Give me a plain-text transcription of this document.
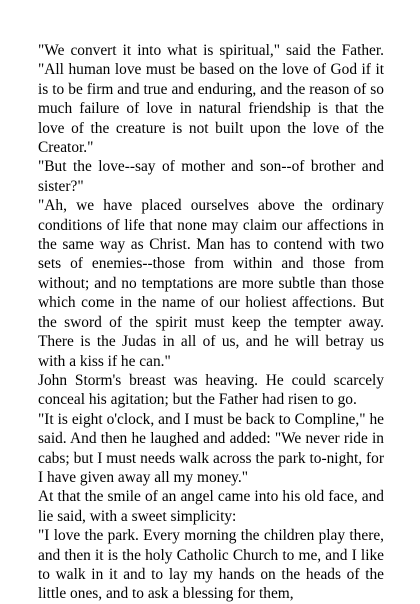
"We convert it into what is spiritual," said the Father. "All human love must be based on the love of God if it is to be firm and true and enduring, and the reason of so much failure of love in natural friendship is that the love of the creature is not built upon the love of the Creator."

"But the love--say of mother and son--of brother and sister?"

"Ah, we have placed ourselves above the ordinary conditions of life that none may claim our affections in the same way as Christ. Man has to contend with two sets of enemies--those from within and those from without; and no temptations are more subtle than those which come in the name of our holiest affections. But the sword of the spirit must keep the tempter away. There is the Judas in all of us, and he will betray us with a kiss if he can."

John Storm's breast was heaving. He could scarcely conceal his agitation; but the Father had risen to go.

"It is eight o'clock, and I must be back to Compline," he said. And then he laughed and added: "We never ride in cabs; but I must needs walk across the park to-night, for I have given away all my money."

At that the smile of an angel came into his old face, and lie said, with a sweet simplicity:

"I love the park. Every morning the children play there, and then it is the holy Catholic Church to me, and I like to walk in it and to lay my hands on the heads of the little ones, and to ask a blessing for them,
